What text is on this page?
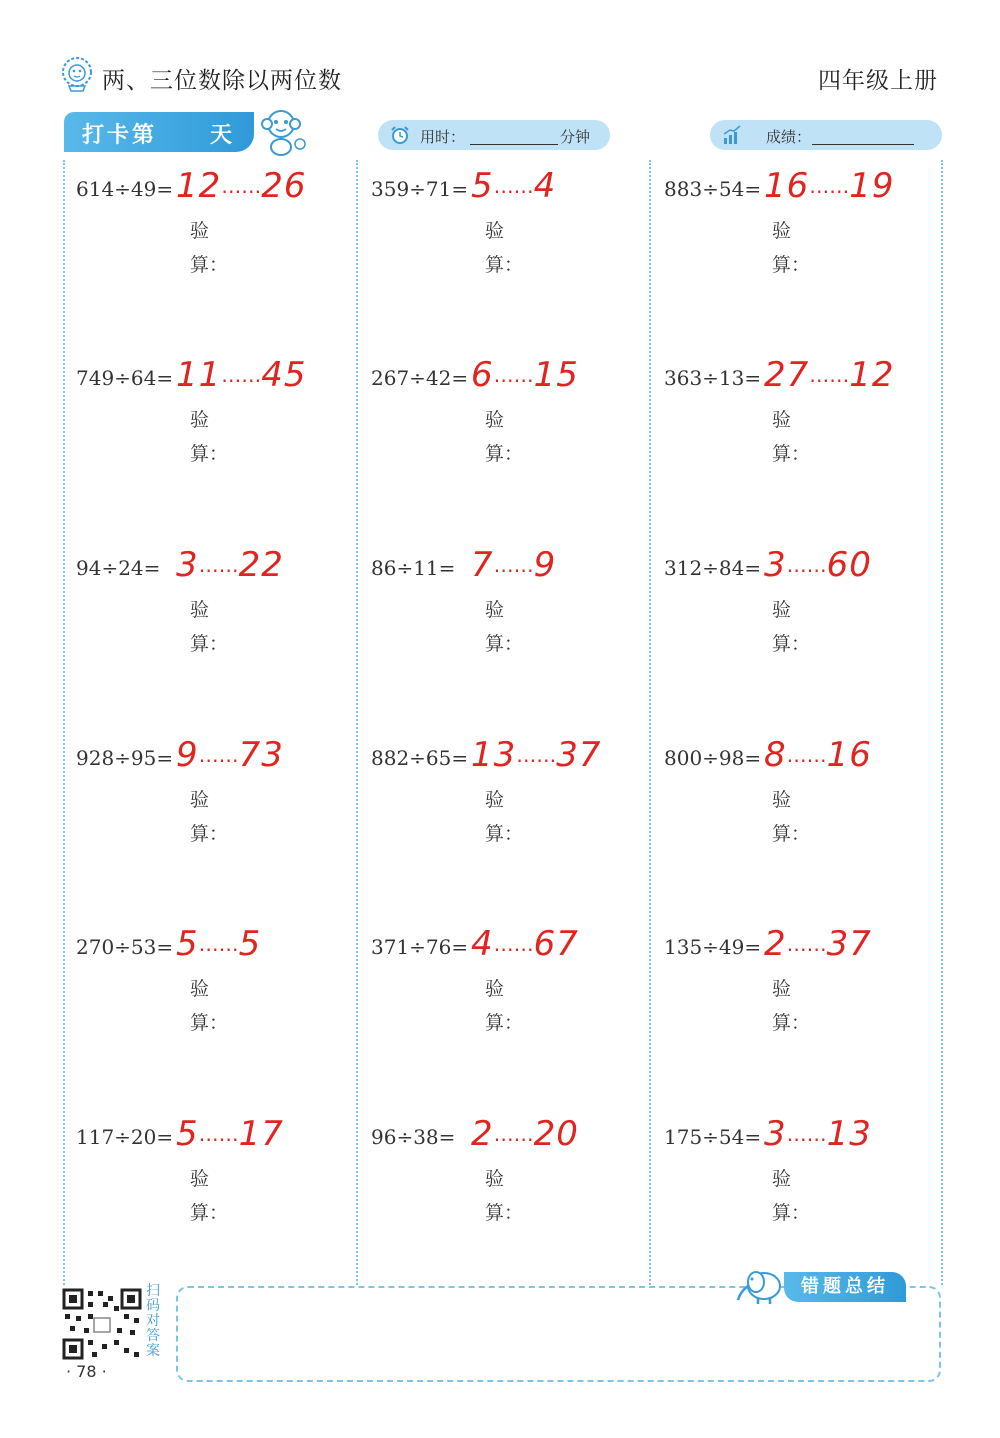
两、三位数除以两位数	四年级上册
打卡第 天	用时：	分钟	成绩：
614÷49= 12……26
验
算：
359÷71= 5……4
验
算：
883÷54= 16……19
验
算：
749÷64= 11……45
验
算：
267÷42= 6……15
验
算：
363÷13= 27……12
验
算：
94÷24= 3……22
验
算：
86÷11= 7……9
验
算：
312÷84= 3……60
验
算：
928÷95= 9……73
验
算：
882÷65= 13……37
验
算：
800÷98= 8……16
验
算：
270÷53= 5……5
验
算：
371÷76= 4……67
验
算：
135÷49= 2……37
验
算：
117÷20= 5……17
验
算：
96÷38= 2……20
验
算：
175÷54= 3……13
验
算：
扫码对答案
· 78 ·
错题总结
